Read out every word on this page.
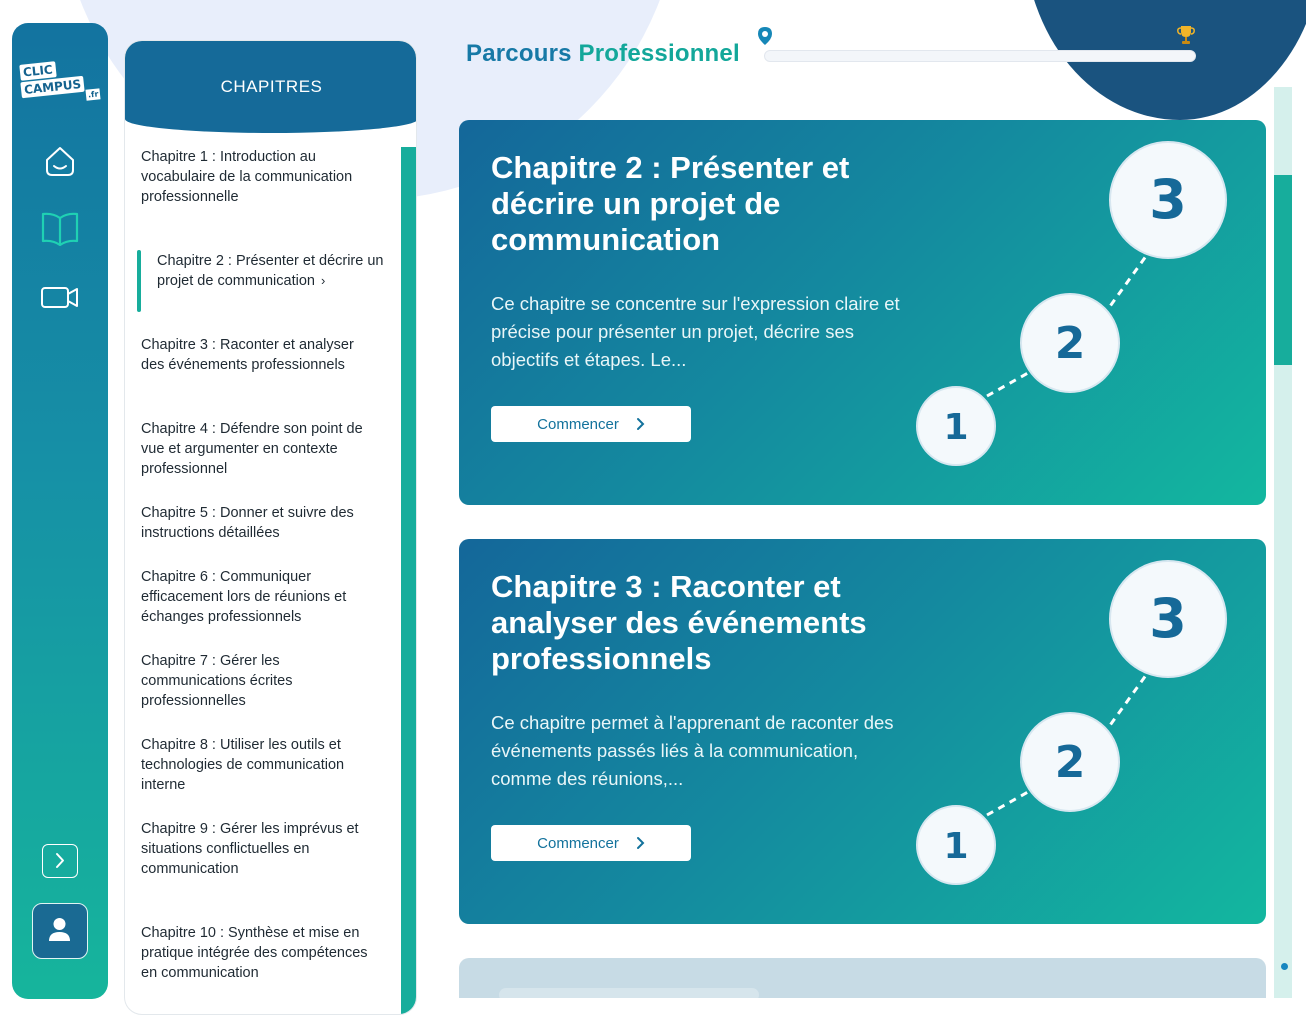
CLIC
CAMPUS .fr	CHAPITRES
Chapitre 1 : Introduction au vocabulaire de la communication professionnelle
Chapitre 2 : Présenter et décrire un projet de communication ›
Chapitre 3 : Raconter et analyser des événements professionnels
Chapitre 4 : Défendre son point de vue et argumenter en contexte professionnel
Chapitre 5 : Donner et suivre des instructions détaillées
Chapitre 6 : Communiquer efficacement lors de réunions et échanges professionnels
Chapitre 7 : Gérer les communications écrites professionnelles
Chapitre 8 : Utiliser les outils et technologies de communication interne
Chapitre 9 : Gérer les imprévus et situations conflictuelles en communication
Chapitre 10 : Synthèse et mise en pratique intégrée des compétences en communication
Parcours Professionnel
Chapitre 2 : Présenter et décrire un projet de communication

Ce chapitre se concentre sur l'expression claire et précise pour présenter un projet, décrire ses objectifs et étapes. Le...

Commencer	1
2
3
Chapitre 3 : Raconter et analyser des événements professionnels

Ce chapitre permet à l'apprenant de raconter des événements passés liés à la communication, comme des réunions,...

Commencer	1
2
3
